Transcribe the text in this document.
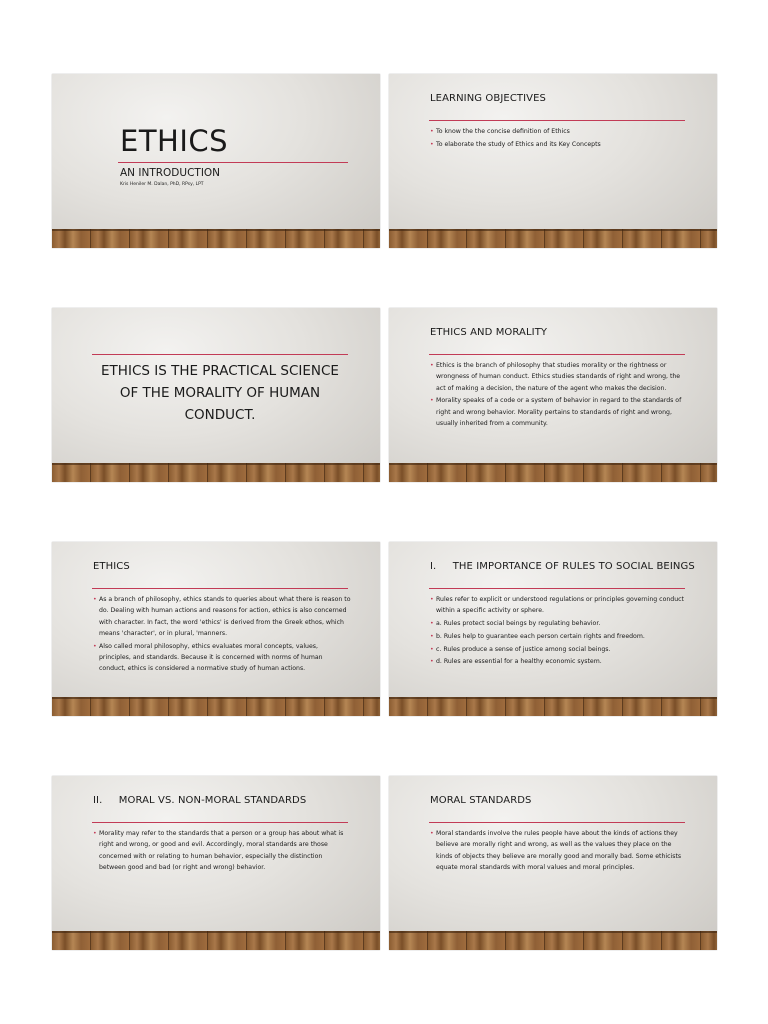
ETHICS
AN INTRODUCTION
Kris Heniler M. Dalan, PhD, RPsy, LPT
LEARNING OBJECTIVES
• To know the the concise definition of Ethics
• To elaborate the study of Ethics and its Key Concepts
ETHICS IS THE PRACTICAL SCIENCE OF THE MORALITY OF HUMAN CONDUCT.
ETHICS AND MORALITY
• Ethics is the branch of philosophy that studies morality or the rightness or wrongness of human conduct. Ethics studies standards of right and wrong, the act of making a decision, the nature of the agent who makes the decision.
• Morality speaks of a code or a system of behavior in regard to the standards of right and wrong behavior. Morality pertains to standards of right and wrong, usually inherited from a community.
ETHICS
• As a branch of philosophy, ethics stands to queries about what there is reason to do. Dealing with human actions and reasons for action, ethics is also concerned with character. In fact, the word 'ethics' is derived from the Greek ethos, which means 'character', or in plural, 'manners.
• Also called moral philosophy, ethics evaluates moral concepts, values, principles, and standards. Because it is concerned with norms of human conduct, ethics is considered a normative study of human actions.
I.     THE IMPORTANCE OF RULES TO SOCIAL BEINGS
• Rules refer to explicit or understood regulations or principles governing conduct within a specific activity or sphere.
• a. Rules protect social beings by regulating behavior.
• b. Rules help to guarantee each person certain rights and freedom.
• c. Rules produce a sense of justice among social beings.
• d. Rules are essential for a healthy economic system.
II.     MORAL VS. NON-MORAL STANDARDS
• Morality may refer to the standards that a person or a group has about what is right and wrong, or good and evil. Accordingly, moral standards are those concerned with or relating to human behavior, especially the distinction between good and bad (or right and wrong) behavior.
MORAL STANDARDS
• Moral standards involve the rules people have about the kinds of actions they believe are morally right and wrong, as well as the values they place on the kinds of objects they believe are morally good and morally bad. Some ethicists equate moral standards with moral values and moral principles.
